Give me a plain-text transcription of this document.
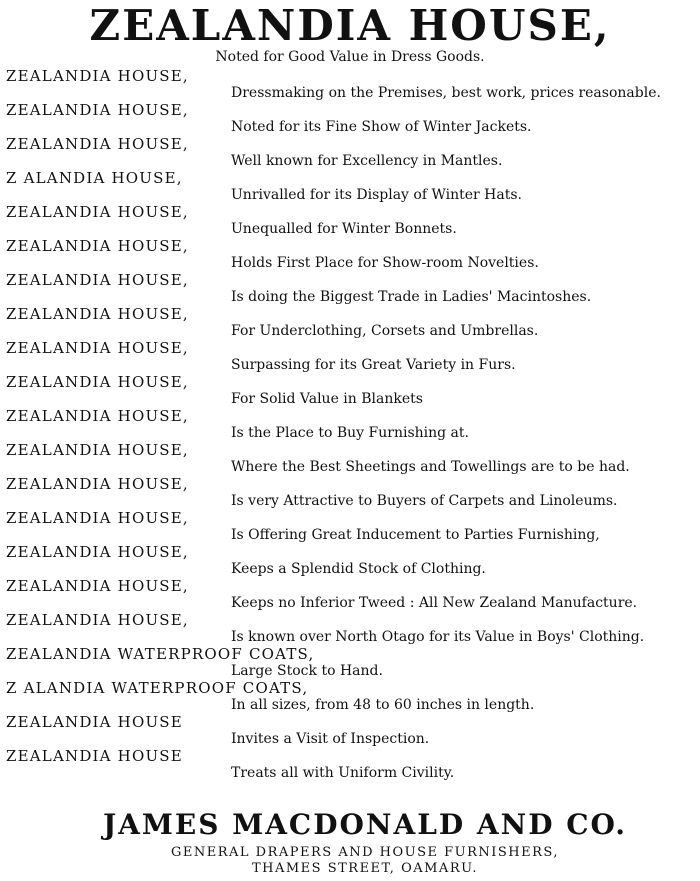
ZEALANDIA HOUSE,
Noted for Good Value in Dress Goods.
ZEALANDIA HOUSE,
Dressmaking on the Premises, best work, prices reasonable.
ZEALANDIA HOUSE,
Noted for its Fine Show of Winter Jackets.
ZEALANDIA HOUSE,
Well known for Excellency in Mantles.
Z ALANDIA HOUSE,
Unrivalled for its Display of Winter Hats.
ZEALANDIA HOUSE,
Unequalled for Winter Bonnets.
ZEALANDIA HOUSE,
Holds First Place for Show-room Novelties.
ZEALANDIA HOUSE,
Is doing the Biggest Trade in Ladies' Macintoshes.
ZEALANDIA HOUSE,
For Underclothing, Corsets and Umbrellas.
ZEALANDIA HOUSE,
Surpassing for its Great Variety in Furs.
ZEALANDIA HOUSE,
For Solid Value in Blankets
ZEALANDIA HOUSE,
Is the Place to Buy Furnishing at.
ZEALANDIA HOUSE,
Where the Best Sheetings and Towellings are to be had.
ZEALANDIA HOUSE,
Is very Attractive to Buyers of Carpets and Linoleums.
ZEALANDIA HOUSE,
Is Offering Great Inducement to Parties Furnishing,
ZEALANDIA HOUSE,
Keeps a Splendid Stock of Clothing.
ZEALANDIA HOUSE,
Keeps no Inferior Tweed : All New Zealand Manufacture.
ZEALANDIA HOUSE,
Is known over North Otago for its Value in Boys' Clothing.
ZEALANDIA WATERPROOF COATS,
Large Stock to Hand.
Z ALANDIA WATERPROOF COATS,
In all sizes, from 48 to 60 inches in length.
ZEALANDIA HOUSE
Invites a Visit of Inspection.
ZEALANDIA HOUSE
Treats all with Uniform Civility.
JAMES MACDONALD AND CO.
GENERAL DRAPERS AND HOUSE FURNISHERS,
THAMES STREET, OAMARU.
